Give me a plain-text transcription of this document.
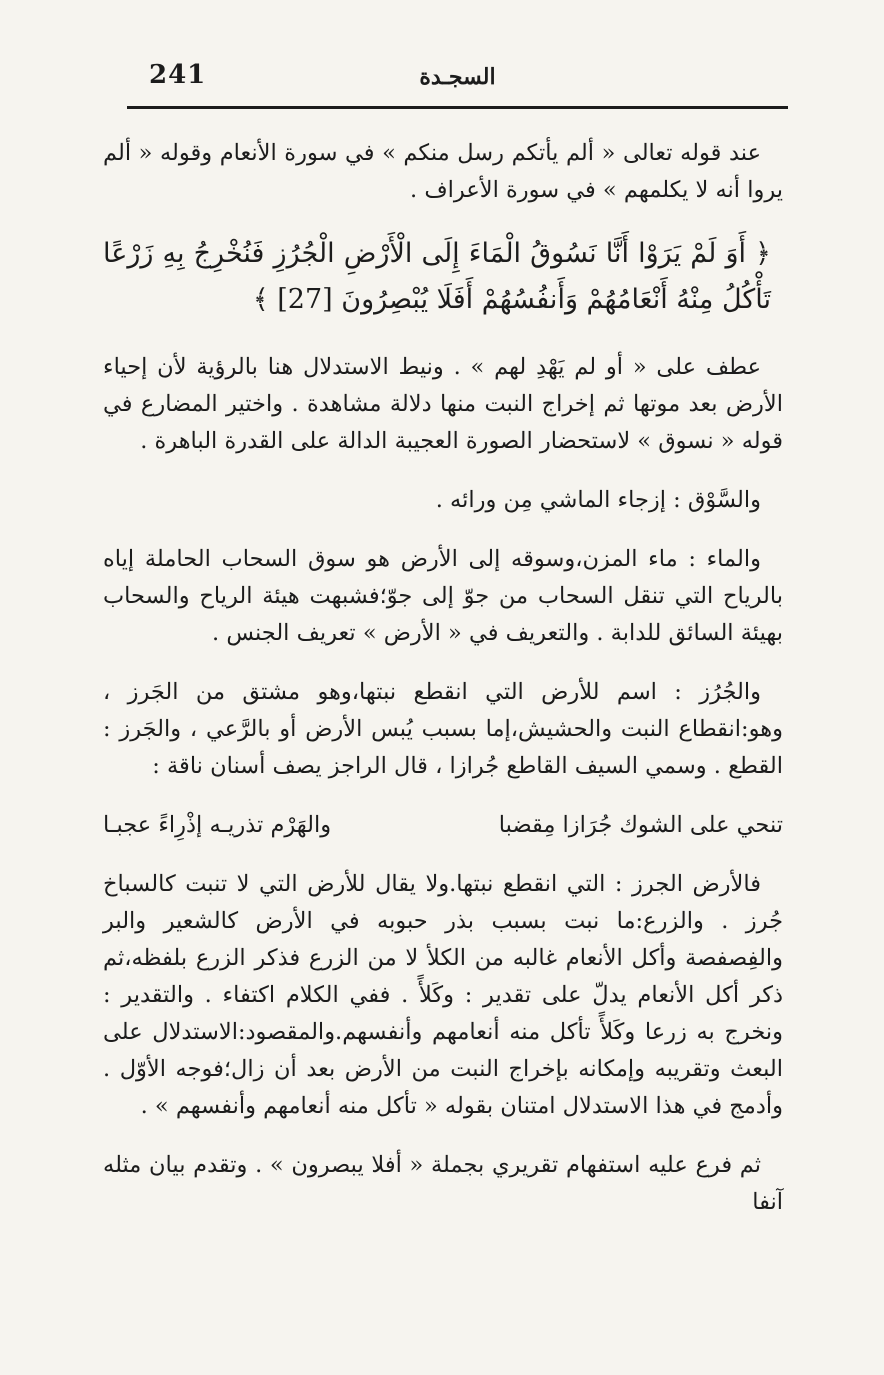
241	السجـدة

عند قوله تعالى « ألم يأتكم رسل منكم » في سورة الأنعام وقوله « ألم يروا أنه لا يكلمهم » في سورة الأعراف .

﴿ أَوَ لَمْ يَرَوْا أَنَّا نَسُوقُ الْمَاءَ إِلَى الْأَرْضِ الْجُرُزِ فَنُخْرِجُ بِهِ زَرْعًا تَأْكُلُ مِنْهُ أَنْعَامُهُمْ وَأَنفُسُهُمْ أَفَلَا يُبْصِرُونَ [27] ﴾

عطف على « أو لم يَهْدِ لهم » . ونيط الاستدلال هنا بالرؤية لأن إحياء الأرض بعد موتها ثم إخراج النبت منها دلالة مشاهدة . واختير المضارع في قوله « نسوق » لاستحضار الصورة العجيبة الدالة على القدرة الباهرة .

والسَّوْق : إزجاء الماشي مِن ورائه .

والماء : ماء المزن،وسوقه إلى الأرض هو سوق السحاب الحاملة إياه بالرياح التي تنقل السحاب من جوّ إلى جوّ؛فشبهت هيئة الرياح والسحاب بهيئة السائق للدابة . والتعريف في « الأرض » تعريف الجنس .

والجُرُز : اسم للأرض التي انقطع نبتها،وهو مشتق من الجَرز ، وهو:انقطاع النبت والحشيش،إما بسبب يُبس الأرض أو بالرَّعي ، والجَرز : القطع . وسمي السيف القاطع جُرازا ، قال الراجز يصف أسنان ناقة :

تنحي على الشوك جُرَازا مِقضبا
والهَرْم تذريـه إذْرِاءً عجبـا

فالأرض الجرز : التي انقطع نبتها.ولا يقال للأرض التي لا تنبت كالسباخ جُرز . والزرع:ما نبت بسبب بذر حبوبه في الأرض كالشعير والبر والفِصفصة وأكل الأنعام غالبه من الكلأ لا من الزرع فذكر الزرع بلفظه،ثم ذكر أكل الأنعام يدلّ على تقدير : وكَلأً . ففي الكلام اكتفاء . والتقدير : ونخرج به زرعا وكَلأً تأكل منه أنعامهم وأنفسهم.والمقصود:الاستدلال على البعث وتقريبه وإمكانه بإخراج النبت من الأرض بعد أن زال؛فوجه الأوّل . وأدمج في هذا الاستدلال امتنان بقوله « تأكل منه أنعامهم وأنفسهم » .

ثم فرع عليه استفهام تقريري بجملة « أفلا يبصرون » . وتقدم بيان مثله آنفا
